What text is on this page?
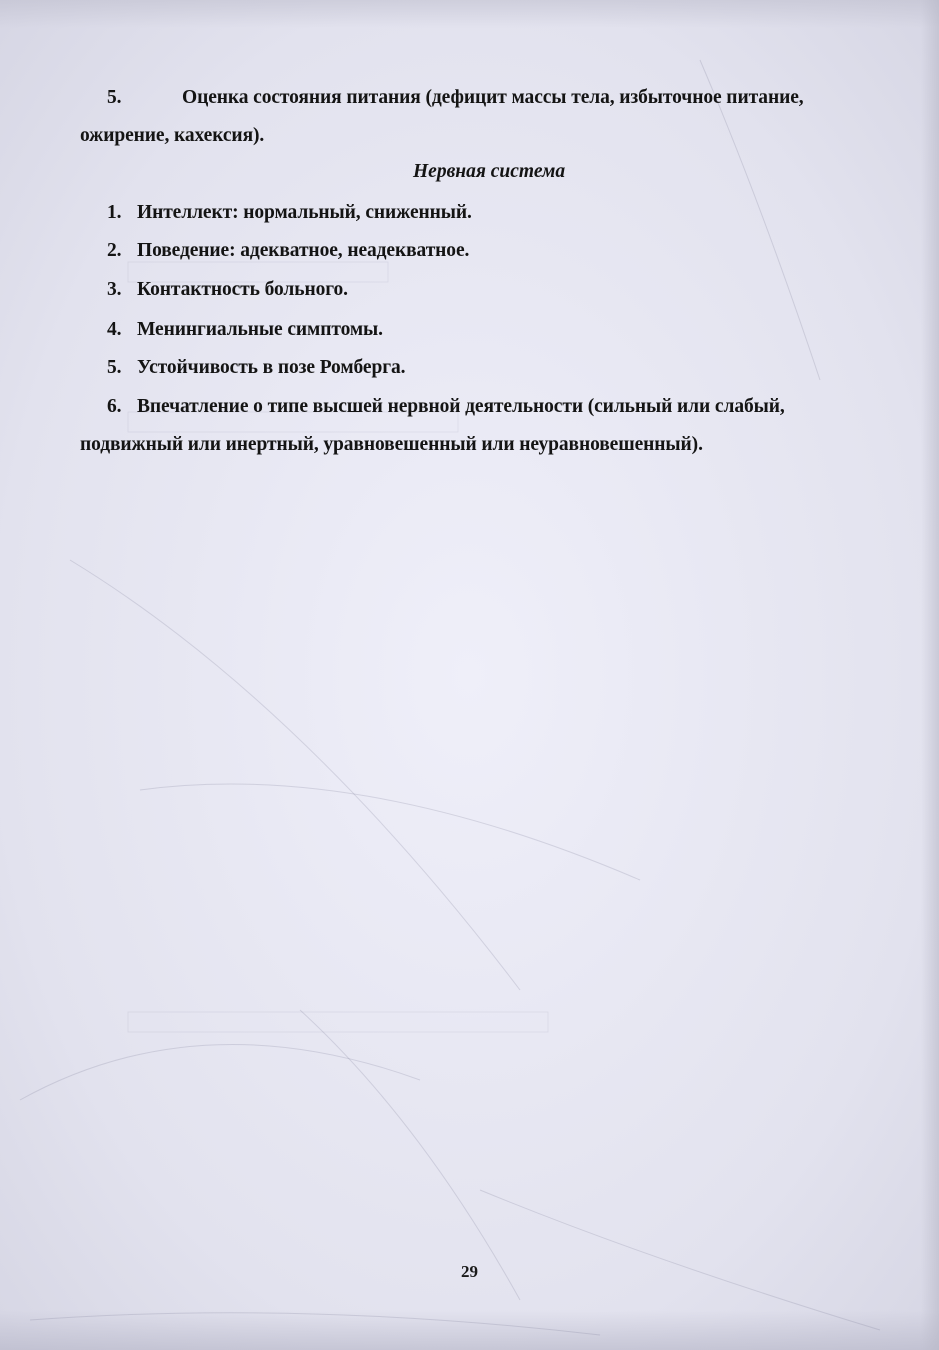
5.	Оценка состояния питания (дефицит массы тела, избыточное питание,
ожирение, кахексия).
Нервная система
1. Интеллект: нормальный, сниженный.
2. Поведение: адекватное, неадекватное.
3. Контактность больного.
4. Менингиальные симптомы.
5. Устойчивость в позе Ромберга.
6. Впечатление о типе высшей нервной деятельности (сильный или слабый,
подвижный или инертный, уравновешенный или неуравновешенный).
29
